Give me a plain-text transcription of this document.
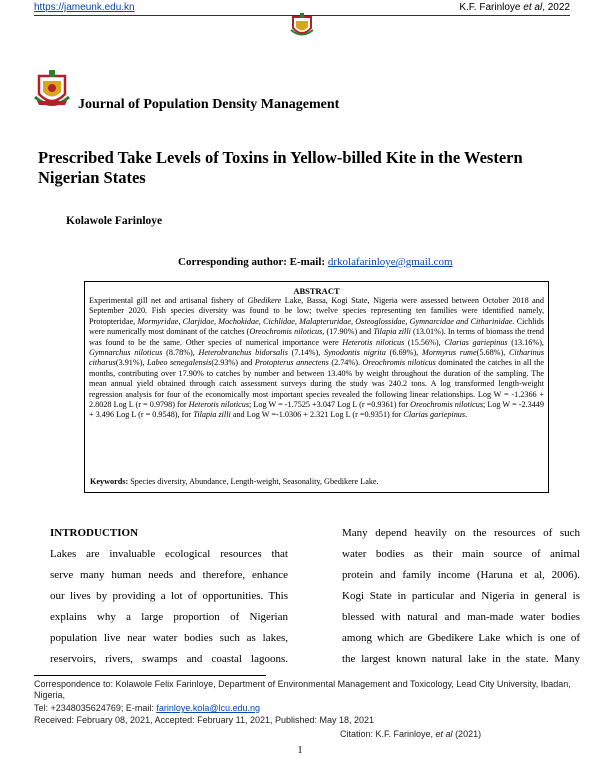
https://jameunk.edu.kn	K.F. Farinloye et al, 2022
Journal of Population Density Management
Prescribed Take Levels of Toxins in Yellow-billed Kite in the Western Nigerian States
Kolawole Farinloye
Corresponding author: E-mail: drkolafarinloye@gmail.com
ABSTRACT
Experimental gill net and artisanal fishery of Gbedikere Lake, Bassa, Kogi State, Nigeria were assessed between October 2018 and September 2020. Fish species diversity was found to be low; twelve species representing ten families were identified namely, Protopteridae, Mormyridae, Clarjidae, Mochokidae, Cichlidae, Malapteruridae, Osteoglossidae, Gymnarcidae and Citharinidae. Cichlids were numerically most dominant of the catches (Oreochromis niloticus, (17.90%) and Tilapia zilli (13.01%). In terms of biomass the trend was found to be the same. Other species of numerical importance were Heterotis niloticus (15.56%), Clarias gariepinus (13.16%), Gymnarchus niloticus (8.78%), Heterobranchus bidorsalis (7.14%), Synodontis nigrita (6.69%), Mormyrus rume(5.68%), Citharinus citharus(3.91%), Labeo senegalensis(2.93%) and Protopterus annectens (2.74%). Oreochromis niloticus dominated the catches in all the months, contributing over 17.90% to catches by number and between 13.40% by weight throughout the duration of the sampling. The mean annual yield obtained through catch assessment surveys during the study was 240.2 tons. A log transformed length-weight regression analysis for four of the economically most important species revealed the following linear relationships. Log W = -1.2366 + 2.8028 Log L (r = 0.9798) for Heterotis niloticus; Log W = -1.7525 +3.047 Log L (r =0.9361) for Oreochromis niloticus; Log W = -2.3449 + 3.496 Log L (r = 0.9548), for Tilapia zilli and Log W =-1.0306 + 2.321 Log L (r =0.9351) for Clarias gariepinus.
Keywords: Species diversity, Abundance, Length-weight, Seasonality, Gbedikere Lake.
INTRODUCTION
Lakes are invaluable ecological resources that
serve many human needs and therefore, enhance
our lives by providing a lot of opportunities. This
explains why a large proportion of Nigerian
population live near water bodies such as lakes,
reservoirs, rivers, swamps and coastal lagoons.
Many depend heavily on the resources of such
water bodies as their main source of animal
protein and family income (Haruna et al, 2006).
Kogi State in particular and Nigeria in general is
blessed with natural and man-made water bodies
among which are Gbedikere Lake which is one of
the largest known natural lake in the state. Many
Correspondence to: Kolawole Felix Farinloye, Department of Environmental Management and Toxicology, Lead City University, Ibadan, Nigeria,
Tel: +2348035624769; E-mail: farinloye.kola@lcu.edu.ng
Received: February 08, 2021, Accepted: February 11, 2021, Published: May 18, 2021
Citation: K.F. Farinloye, et al (2021)
1
